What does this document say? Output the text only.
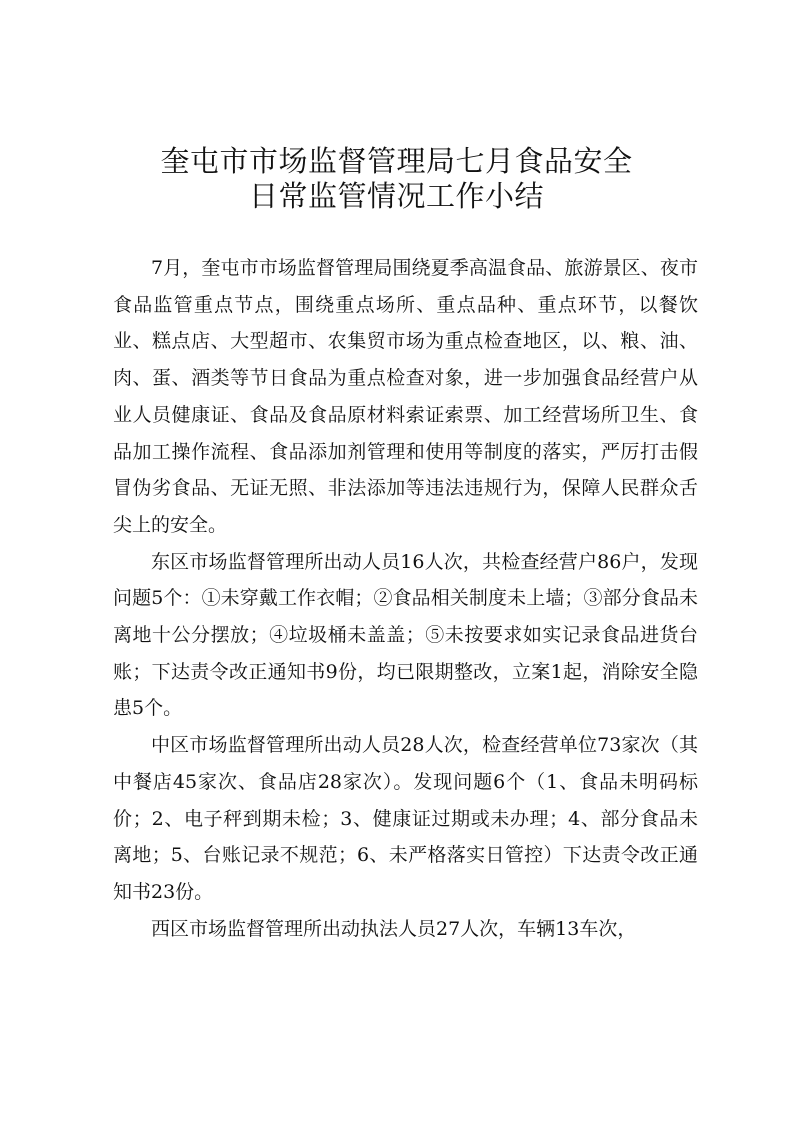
奎屯市市场监督管理局七月食品安全
日常监管情况工作小结

7月，奎屯市市场监督管理局围绕夏季高温食品、旅游景区、夜市食品监管重点节点，围绕重点场所、重点品种、重点环节，以餐饮业、糕点店、大型超市、农集贸市场为重点检查地区，以、粮、油、肉、蛋、酒类等节日食品为重点检查对象，进一步加强食品经营户从业人员健康证、食品及食品原材料索证索票、加工经营场所卫生、食品加工操作流程、食品添加剂管理和使用等制度的落实，严厉打击假冒伪劣食品、无证无照、非法添加等违法违规行为，保障人民群众舌尖上的安全。

东区市场监督管理所出动人员16人次，共检查经营户86户，发现问题5个：①未穿戴工作衣帽；②食品相关制度未上墙；③部分食品未离地十公分摆放；④垃圾桶未盖盖；⑤未按要求如实记录食品进货台账；下达责令改正通知书9份，均已限期整改，立案1起，消除安全隐患5个。

中区市场监督管理所出动人员28人次，检查经营单位73家次（其中餐店45家次、食品店28家次）。发现问题6个（1、食品未明码标价；2、电子秤到期未检；3、健康证过期或未办理；4、部分食品未离地；5、台账记录不规范；6、未严格落实日管控）下达责令改正通知书23份。

西区市场监督管理所出动执法人员27人次，车辆13车次，
